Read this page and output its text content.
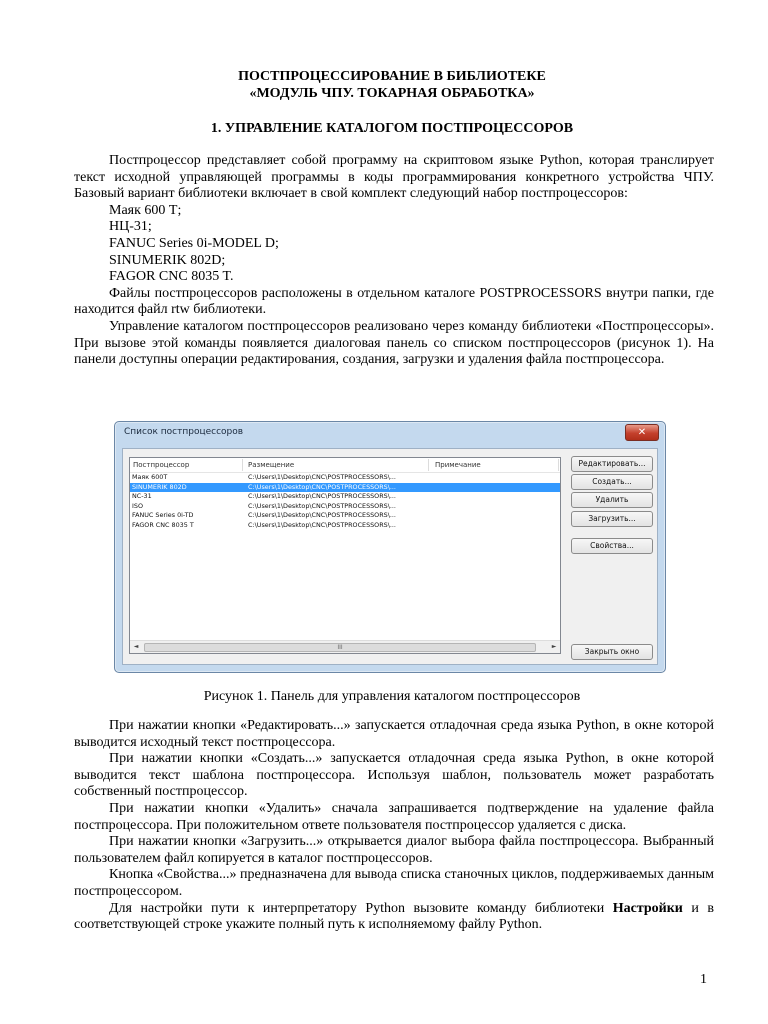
ПОСТПРОЦЕССИРОВАНИЕ В БИБЛИОТЕКЕ
«МОДУЛЬ ЧПУ. ТОКАРНАЯ ОБРАБОТКА»
1. УПРАВЛЕНИЕ КАТАЛОГОМ ПОСТПРОЦЕССОРОВ

Постпроцессор представляет собой программу на скриптовом языке Python, которая транслирует текст исходной управляющей программы в коды программирования конкретного устройства ЧПУ. Базовый вариант библиотеки включает в свой комплект следующий набор постпроцессоров:

Маяк 600 Т;
НЦ-31;
FANUC Series 0i-MODEL D;
SINUMERIK 802D;
FAGOR CNC 8035 T.

Файлы постпроцессоров расположены в отдельном каталоге POSTPROCESSORS внутри папки, где находится файл rtw библиотеки.

Управление каталогом постпроцессоров реализовано через команду библиотеки «Постпроцессоры». При вызове этой команды появляется диалоговая панель со списком постпроцессоров (рисунок 1). На панели доступны операции редактирования, создания, загрузки и удаления файла постпроцессора.

Список постпроцессоров	✕
Постпроцессор	Размещение	Примечание
Маяк 600Т	C:\Users\1\Desktop\CNC\POSTPROCESSORS\...
SINUMERIK 802D	C:\Users\1\Desktop\CNC\POSTPROCESSORS\...
NC-31	C:\Users\1\Desktop\CNC\POSTPROCESSORS\...
ISO	C:\Users\1\Desktop\CNC\POSTPROCESSORS\...
FANUC Series 0i-TD	C:\Users\1\Desktop\CNC\POSTPROCESSORS\...
FAGOR CNC 8035 T	C:\Users\1\Desktop\CNC\POSTPROCESSORS\...
◄	III	►
Редактировать...
Создать...
Удалить
Загрузить...
Свойства...
Закрыть окно
Рисунок 1. Панель для управления каталогом постпроцессоров

При нажатии кнопки «Редактировать...» запускается отладочная среда языка Python, в окне которой выводится исходный текст постпроцессора.

При нажатии кнопки «Создать...» запускается отладочная среда языка Python, в окне которой выводится текст шаблона постпроцессора. Используя шаблон, пользователь может разработать собственный постпроцессор.

При нажатии кнопки «Удалить» сначала запрашивается подтверждение на удаление файла постпроцессора. При положительном ответе пользователя постпроцессор удаляется с диска.

При нажатии кнопки «Загрузить...» открывается диалог выбора файла постпроцессора. Выбранный пользователем файл копируется в каталог постпроцессоров.

Кнопка «Свойства...» предназначена для вывода списка станочных циклов, поддерживаемых данным постпроцессором.

Для настройки пути к интерпретатору Python вызовите команду библиотеки Настройки и в соответствующей строке укажите полный путь к исполняемому файлу Python.

1
